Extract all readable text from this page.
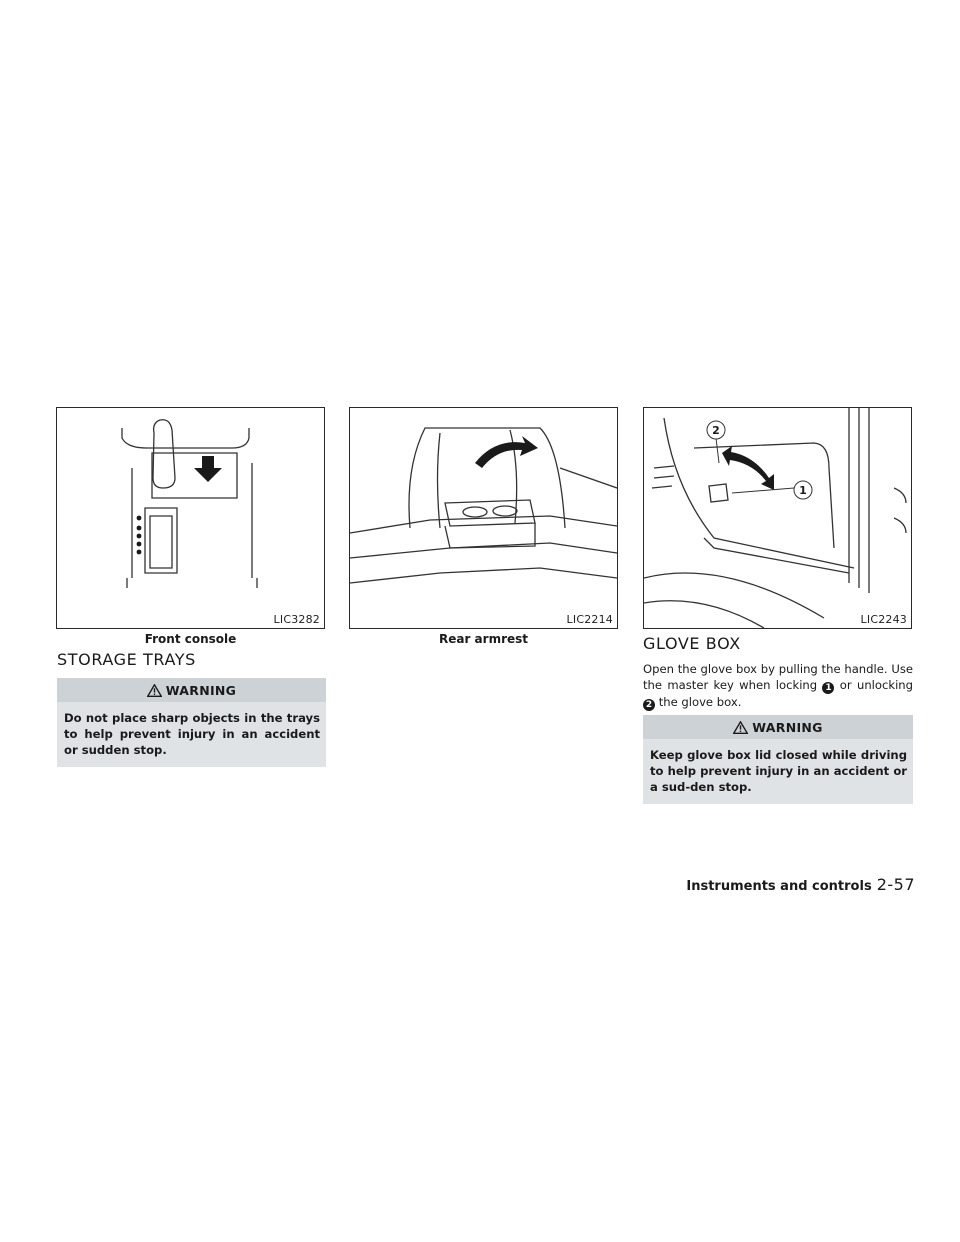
LIC3282
Front console
LIC2214
Rear armrest
2
1
LIC2243
STORAGE TRAYS
WARNING
Do not place sharp objects in the trays to help prevent injury in an accident or sudden stop.
GLOVE BOX
Open the glove box by pulling the handle. Use the master key when locking 1 or unlocking 2 the glove box.
WARNING
Keep glove box lid closed while driving to help prevent injury in an accident or a sud-den stop.
Instruments and controls 2-57
